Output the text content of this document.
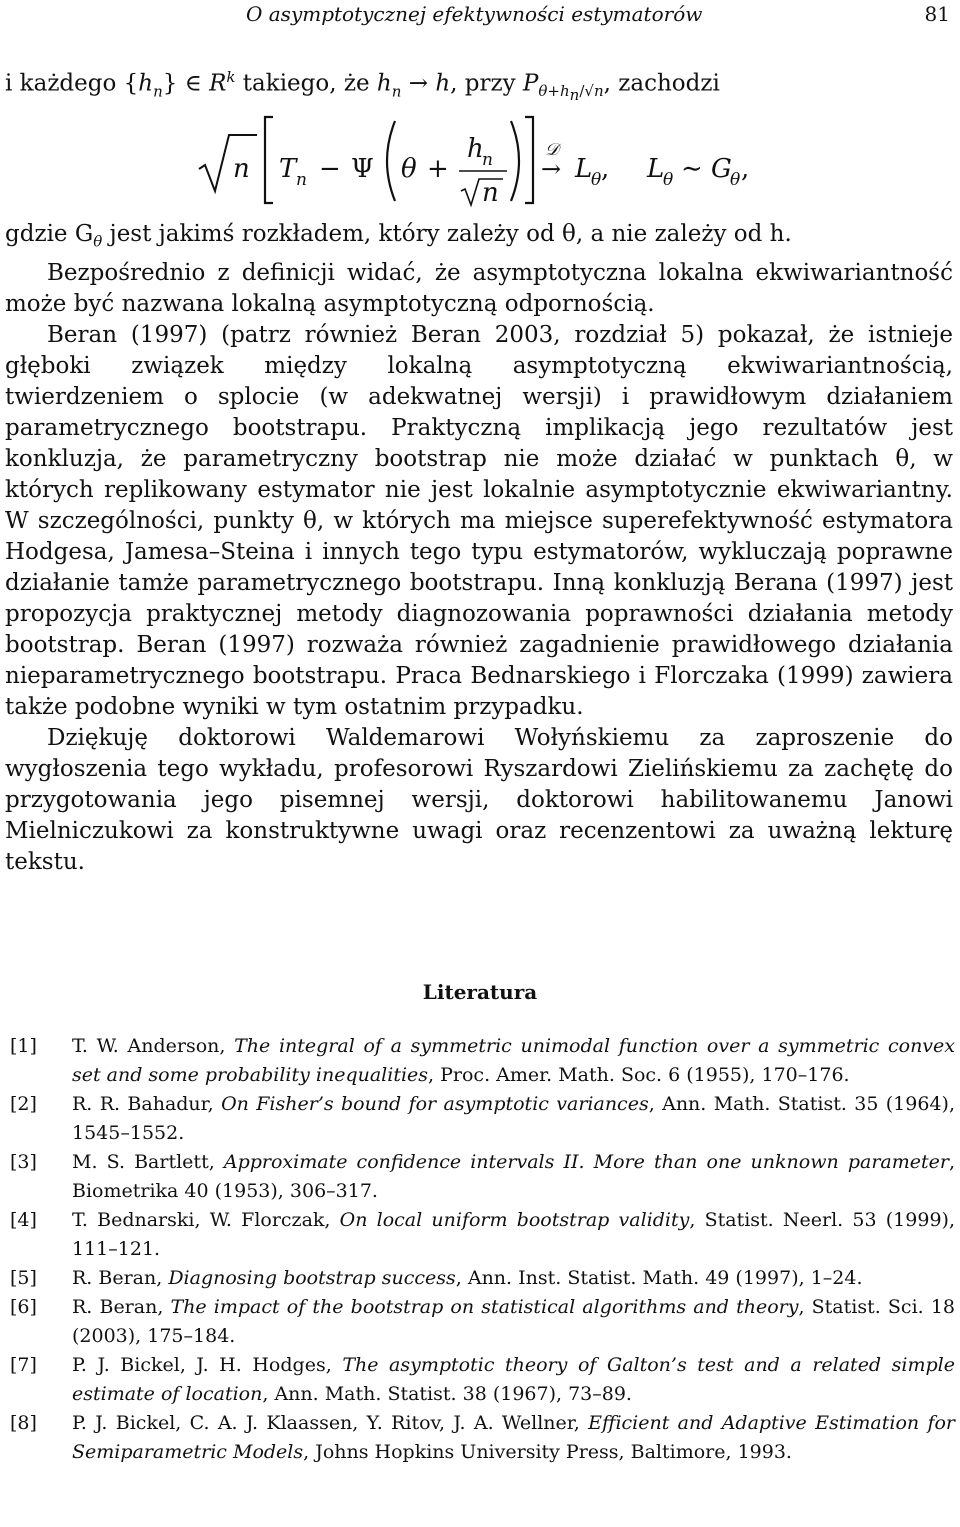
O asymptotycznej efektywności estymatorów	81

i każdego $\{h_n\}$ ∈ $R^k$ takiego, że $h_n \to h$, przy $P_{\theta+h_n/√n}$, zachodzi

n T n − Ψ θ +
h
n
n
𝒟
→ L
θ , L
θ ∼ G
θ ,

gdzie $G_\theta$ jest jakimś rozkładem, który zależy od θ, a nie zależy od h.

Bezpośrednio z definicji widać, że asymptotyczna lokalna ekwiwariantność może być nazwana lokalną asymptotyczną odpornością.

Beran (1997) (patrz również Beran 2003, rozdział 5) pokazał, że istnieje głęboki związek między lokalną asymptotyczną ekwiwariantnością, twierdzeniem o splocie (w adekwatnej wersji) i prawidłowym działaniem parametrycznego bootstrapu. Praktyczną implikacją jego rezultatów jest konkluzja, że parametryczny bootstrap nie może działać w punktach θ, w których replikowany estymator nie jest lokalnie asymptotycznie ekwiwariantny. W szczególności, punkty θ, w których ma miejsce superefektywność estymatora Hodgesa, Jamesa–Steina i innych tego typu estymatorów, wykluczają poprawne działanie tamże parametrycznego bootstrapu. Inną konkluzją Berana (1997) jest propozycja praktycznej metody diagnozowania poprawności działania metody bootstrap. Beran (1997) rozważa również zagadnienie prawidłowego działania nieparametrycznego bootstrapu. Praca Bednarskiego i Florczaka (1999) zawiera także podobne wyniki w tym ostatnim przypadku.

Dziękuję doktorowi Waldemarowi Wołyńskiemu za zaproszenie do wygłoszenia tego wykładu, profesorowi Ryszardowi Zielińskiemu za zachętę do przygotowania jego pisemnej wersji, doktorowi habilitowanemu Janowi Mielniczukowi za konstruktywne uwagi oraz recenzentowi za uważną lekturę tekstu.

Literatura
[1] T. W. Anderson, The integral of a symmetric unimodal function over a symmetric convex set and some probability inequalities, Proc. Amer. Math. Soc. 6 (1955), 170–176.
[2] R. R. Bahadur, On Fisher’s bound for asymptotic variances, Ann. Math. Statist. 35 (1964), 1545–1552.
[3] M. S. Bartlett, Approximate confidence intervals II. More than one unknown parameter, Biometrika 40 (1953), 306–317.
[4] T. Bednarski, W. Florczak, On local uniform bootstrap validity, Statist. Neerl. 53 (1999), 111–121.
[5] R. Beran, Diagnosing bootstrap success, Ann. Inst. Statist. Math. 49 (1997), 1–24.
[6] R. Beran, The impact of the bootstrap on statistical algorithms and theory, Statist. Sci. 18 (2003), 175–184.
[7] P. J. Bickel, J. H. Hodges, The asymptotic theory of Galton’s test and a related simple estimate of location, Ann. Math. Statist. 38 (1967), 73–89.
[8] P. J. Bickel, C. A. J. Klaassen, Y. Ritov, J. A. Wellner, Efficient and Adaptive Estimation for Semiparametric Models, Johns Hopkins University Press, Baltimore, 1993.
